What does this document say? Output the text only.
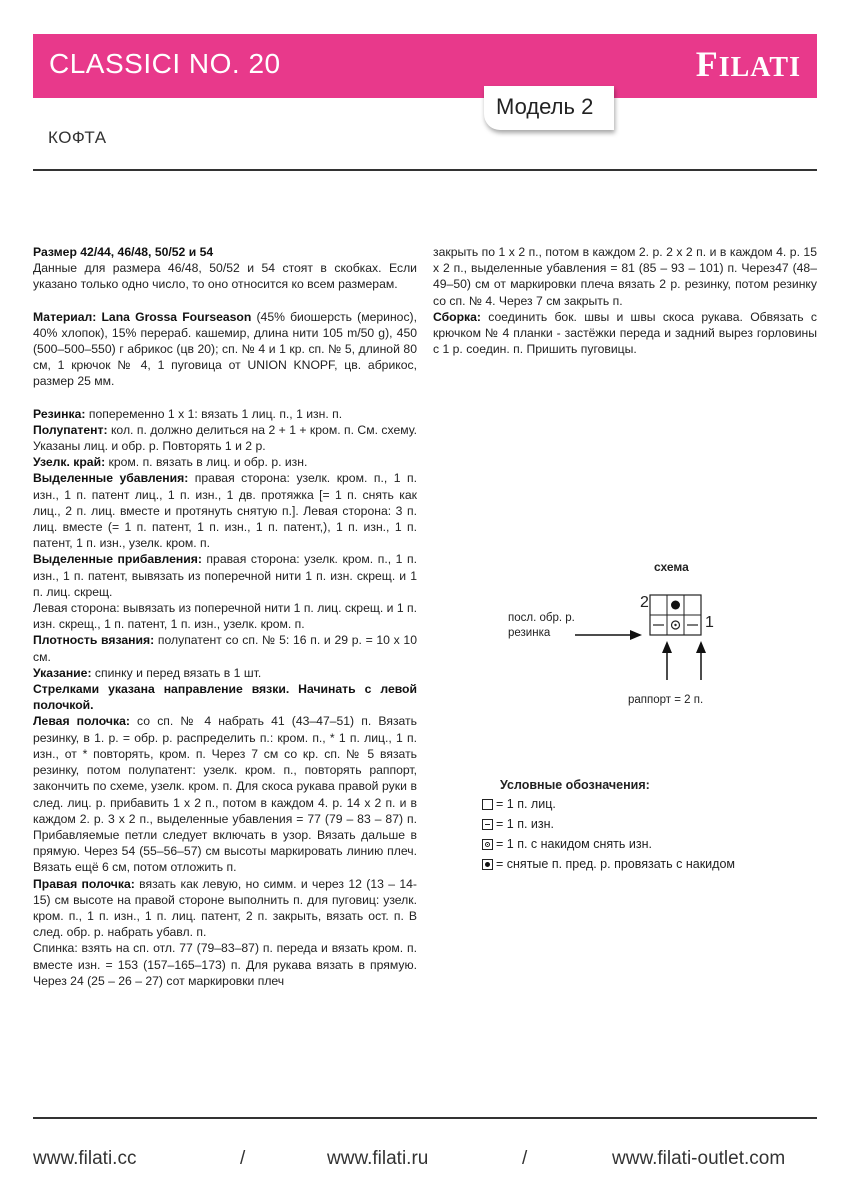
CLASSICI NO. 20	FILATI
Модель 2
КОФТА

Размер 42/44, 46/48, 50/52 и 54

Данные для размера 46/48, 50/52 и 54 стоят в скобках. Если указано только одно число, то оно относится ко всем размерам.

Материал: Lana Grossa Fourseason (45% биошерсть (меринос), 40% хлопок), 15% перераб. кашемир, длина нити 105 m/50 g), 450 (500–500–550) г абрикос (цв 20); сп. № 4 и 1 кр. сп. № 5, длиной 80 см, 1 крючок № 4, 1 пуговица от UNION KNOPF, цв. абрикос, размер 25 мм.

Резинка: попеременно 1 х 1: вязать 1 лиц. п., 1 изн. п.

Полупатент: кол. п. должно делиться на 2 + 1 + кром. п. См. схему. Указаны лиц. и обр. р. Повторять 1 и 2 р.

Узелк. край: кром. п. вязать в лиц. и обр. р. изн.

Выделенные убавления: правая сторона: узелк. кром. п., 1 п. изн., 1 п. патент лиц., 1 п. изн., 1 дв. протяжка [= 1 п. снять как лиц., 2 п. лиц. вместе и протянуть снятую п.]. Левая сторона: 3 п. лиц. вместе (= 1 п. патент, 1 п. изн., 1 п. патент,), 1 п. изн., 1 п. патент, 1 п. изн., узелк. кром. п.

Выделенные прибавления: правая сторона: узелк. кром. п., 1 п. изн., 1 п. патент, вывязать из поперечной нити 1 п. изн. скрещ. и 1 п. лиц. скрещ.

Левая сторона: вывязать из поперечной нити 1 п. лиц. скрещ. и 1 п. изн. скрещ., 1 п. патент, 1 п. изн., узелк. кром. п.

Плотность вязания: полупатент со сп. № 5: 16 п. и 29 р. = 10 x 10 см.

Указание: спинку и перед вязать в 1 шт.

Стрелками указана направление вязки. Начинать с левой полочкой.

Левая полочка: со сп. № 4 набрать 41 (43–47–51) п. Вязать резинку, в 1. р. = обр. р. распределить п.: кром. п., * 1 п. лиц., 1 п. изн., от * повторять, кром. п. Через 7 см со кр. сп. № 5 вязать резинку, потом полупатент: узелк. кром. п., повторять раппорт, закончить по схеме, узелк. кром. п. Для скоса рукава правой руки в след. лиц. р. прибавить 1 х 2 п., потом в каждом 4. р. 14 х 2 п. и в каждом 2. р. 3 х 2 п., выделенные убавления = 77 (79 – 83 – 87) п. Прибавляемые петли следует включать в узор. Вязать дальше в прямую. Через 54 (55–56–57) см высоты маркировать линию плеч. Вязать ещё 6 см, потом отложить п.

Правая полочка: вязать как левую, но симм. и через 12 (13 – 14- 15) см высоте на правой стороне выполнить п. для пуговиц: узелк. кром. п., 1 п. изн., 1 п. лиц. патент, 2 п. закрыть, вязать ост. п. В след. обр. р. набрать убавл. п.

Спинка: взять на сп. отл. 77 (79–83–87) п. переда и вязать кром. п. вместе изн. = 153 (157–165–173) п. Для рукава вязать в прямую. Через 24 (25 – 26 – 27) сот маркировки плеч

закрыть по 1 х 2 п., потом в каждом 2. р. 2 х 2 п. и в каждом 4. р. 15 х 2 п., выделенные убавления = 81 (85 – 93 – 101) п. Через47 (48–49–50) см от маркировки плеча вязать 2 р. резинку, потом резинку со сп. № 4. Через 7 см закрыть п.

Сборка: соединить бок. швы и швы скоса рукава. Обвязать с крючком № 4 планки - застёжки переда и задний вырез горловины с 1 р. соедин. п. Пришить пуговицы.

схема
2
1
посл. обр. р.
резинка
раппорт = 2 п.
Условные обозначения:
= 1 п. лиц.
= 1 п. изн.
= 1 п. с накидом снять изн.
= снятые п. пред. р. провязать с накидом
www.filati.cc	/	www.filati.ru	/	www.filati-outlet.com
